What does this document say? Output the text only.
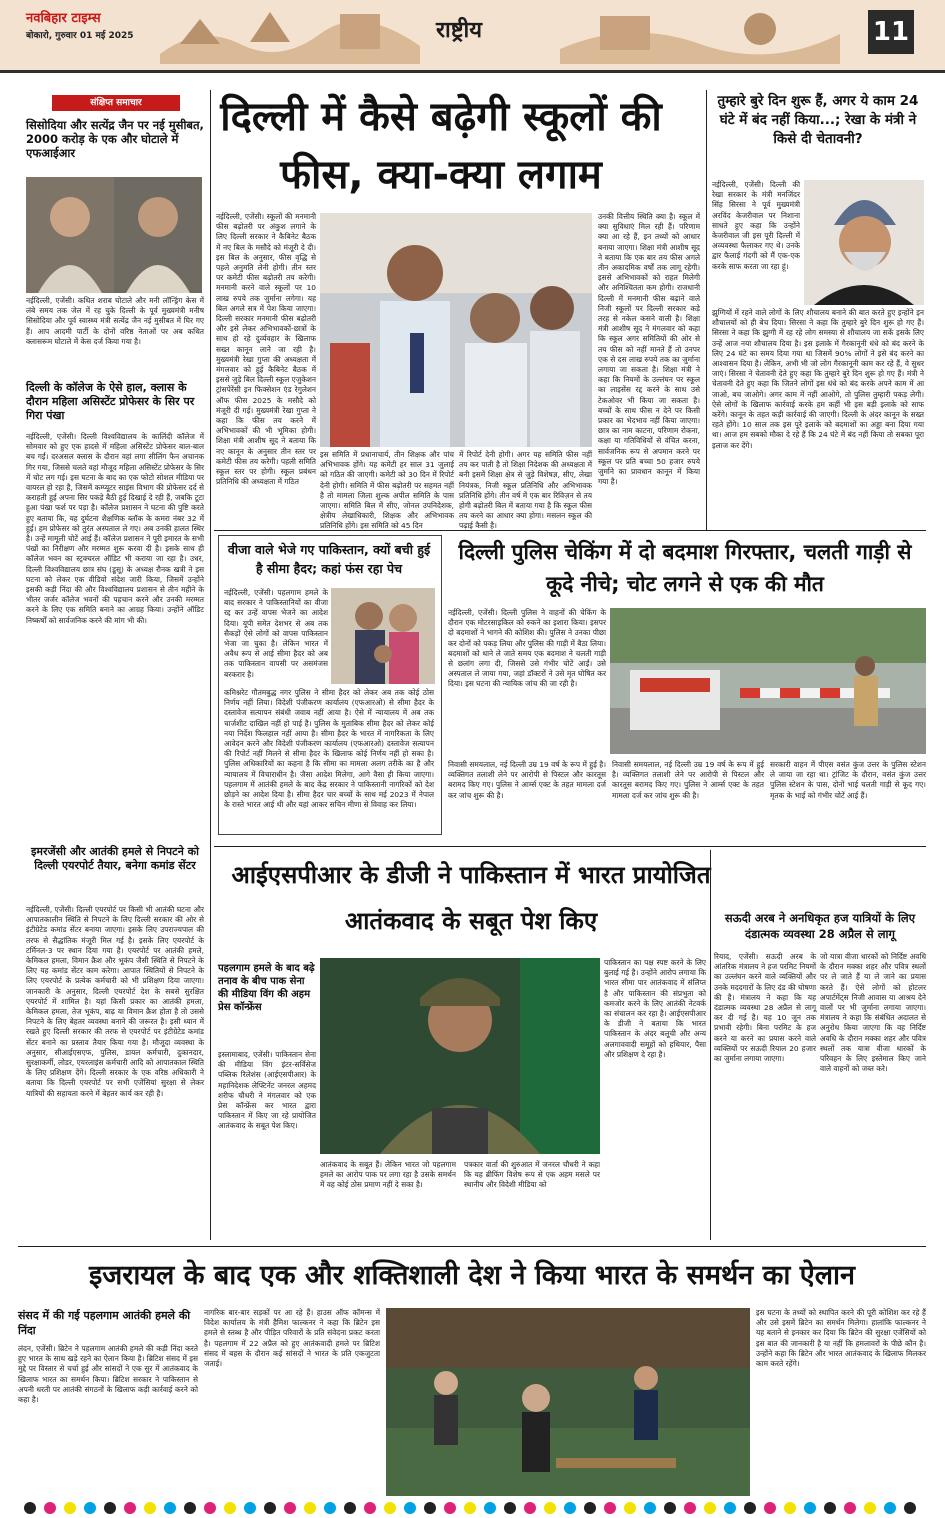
नवबिहार टाइम्स
बोकारो, गुरुवार 01 मई 2025	राष्ट्रीय	11
संक्षिप्त समाचार
सिसोदिया और सत्येंद्र जैन पर नई मुसीबत, 2000 करोड़ के एक और घोटाले में एफआईआर
नईदिल्ली, एजेंसी। कथित शराब घोटाले और मनी लॉन्ड्रिंग केस में लंबे समय तक जेल में रह चुके दिल्ली के पूर्व मुख्यमंत्री मनीष सिसोदिया और पूर्व स्वास्थ्य मंत्री सत्येंद्र जैन नई मुसीबत में घिर गए हैं। आप आदमी पार्टी के दोनों वरिष्ठ नेताओं पर अब कथित क्लासरूम घोटाले में केस दर्ज किया गया है।
दिल्ली के कॉलेज के ऐसे हाल, क्लास के दौरान महिला असिस्टेंट प्रोफेसर के सिर पर गिरा पंखा
नईदिल्ली, एजेंसी। दिल्ली विश्वविद्यालय के कालिंदी कॉलेज में सोमवार को हुए एक हादसे में महिला असिस्टेंट प्रोफेसर बाल-बाल बच गईं। दरअसल क्लास के दौरान वहां लगा सीलिंग फैन अचानक गिर गया, जिससे चलते वहां मौजूद महिला असिस्टेंट प्रोफेसर के सिर में चोट लग गई। इस घटना के बाद का एक फोटो सोशल मीडिया पर वायरल हो रहा है, जिसमें कम्प्यूटर साइंस विभाग की प्रोफेसर दर्द से कराहती हुई अपना सिर पकड़े बैठी हुई दिखाई दे रही हैं, जबकि टूटा हुआ पंखा फर्श पर पड़ा है। कॉलेज प्रशासन ने घटना की पुष्टि करते हुए बताया कि, यह दुर्घटना शैक्षणिक ब्लॉक के कमरा नंबर 32 में हुई। हम प्रोफेसर को तुरंत अस्पताल ले गए। अब उनकी हालत स्थिर है। उन्हें मामूली चोटें आई हैं। कॉलेज प्रशासन ने पूरी इमारत के सभी पंखों का निरीक्षण और मरम्मत शुरू करवा दी है। इसके साथ ही कॉलेज भवन का स्ट्रक्चरल ऑडिट भी कराया जा रहा है। उधर, दिल्ली विश्वविद्यालय छात्र संघ (डूसू) के अध्यक्ष रौनक खत्री ने इस घटना को लेकर एक वीडियो संदेश जारी किया, जिसमें उन्होंने इसकी कड़ी निंदा की और विश्वविद्यालय प्रशासन से तीन महीने के भीतर जर्जर कॉलेज भवनों की पहचान करने और उनकी मरम्मत करने के लिए एक समिति बनाने का आग्रह किया। उन्होंने ऑडिट निष्कर्षों को सार्वजनिक करने की मांग भी की।
इमरजेंसी और आतंकी हमले से निपटने को दिल्ली एयरपोर्ट तैयार, बनेगा कमांड सेंटर
नईदिल्ली, एजेंसी। दिल्ली एयरपोर्ट पर किसी भी आतंकी घटना और आपातकालीन स्थिति से निपटने के लिए दिल्ली सरकार की ओर से इंटीग्रेटेड कमांड सेंटर बनाया जाएगा। इसके लिए उपराज्यपाल की तरफ से सैद्धांतिक मंजूरी मिल गई है। इसके लिए एयरपोर्ट के टर्मिनल-3 पर स्थान दिया गया है। एयरपोर्ट पर आतंकी हमले, केमिकल हमला, विमान क्रैश और भूकंप जैसी स्थिति से निपटने के लिए यह कमांड सेंटर काम करेगा। आपात स्थितियों से निपटने के लिए एयरपोर्ट के प्रत्येक कर्मचारी को भी प्रशिक्षण दिया जाएगा। जानकारी के अनुसार, दिल्ली एयरपोर्ट देश के सबसे सुरक्षित एयरपोर्ट में शामिल है। यहां किसी प्रकार का आतंकी हमला, केमिकल हमला, तेज भूकंप, बाढ़ या विमान क्रैश होता है तो उससे निपटने के लिए बेहतर व्यवस्था बनाने की जरूरत है। इसी ध्यान में रखते हुए दिल्ली सरकार की तरफ से एयरपोर्ट पर इंटीग्रेटेड कमांड सेंटर बनाने का प्रस्ताव तैयार किया गया है। मौजूदा व्यवस्था के अनुसार, सीआईएसएफ, पुलिस, डायल कर्मचारी, दुकानदार, सुरक्षाकर्मी, लोडर, एयरलाइंस कर्मचारी आदि को आपातकाल स्थिति के लिए प्रशिक्षण देंगे। दिल्ली सरकार के एक वरिष्ठ अधिकारी ने बताया कि दिल्ली एयरपोर्ट पर सभी एजेंसियां सुरक्षा से लेकर यात्रियों की सहायता करने में बेहतर कार्य कर रही है।
दिल्ली में कैसे बढ़ेगी स्कूलों की फीस, क्या-क्या लगाम
नईदिल्ली, एजेंसी। स्कूलों की मनमानी फीस बढ़ोतरी पर अंकुश लगाने के लिए दिल्ली सरकार ने कैबिनेट बैठक में नए बिल के मसौदे को मंजूरी दे दी। इस बिल के अनुसार, फीस वृद्धि से पहले अनुमति लेनी होगी। तीन स्तर पर कमेटी फीस बढ़ोतरी तय करेगी। मनमानी करने वाले स्कूलों पर 10 लाख रुपये तक जुर्माना लगेगा। यह बिल अगले सत्र में पेश किया जाएगा। दिल्ली सरकार मनमानी फीस बढ़ोतरी और इसे लेकर अभिभावकों-छात्रों के साथ हो रहे दुर्व्यवहार के खिलाफ सख्त कानून लाने जा रही है। मुख्यमंत्री रेखा गुप्ता की अध्यक्षता में मंगलवार को हुई कैबिनेट बैठक में इससे जुड़े बिल दिल्ली स्कूल एजुकेशन ट्रांसपेरेंसी इन फिक्सेशन एंड रेगुलेशन ऑफ फीस 2025 के मसौदे को मंजूरी दी गई। मुख्यमंत्री रेखा गुप्ता ने कहा कि फीस तय करने में अभिभावकों की भी भूमिका होगी। शिक्षा मंत्री आशीष सूद ने बताया कि नए कानून के अनुसार तीन स्तर पर कमेटी फीस तय करेगी। पहली समिति स्कूल स्तर पर होगी। स्कूल प्रबंधन प्रतिनिधि की अध्यक्षता में गठित
इस समिति में प्रधानाचार्य, तीन शिक्षक और पांच अभिभावक होंगे। यह कमेटी हर साल 31 जुलाई को गठित की जाएगी। कमेटी को 30 दिन में रिपोर्ट देनी होगी। समिति में फीस बढ़ोतरी पर सहमत नहीं है तो मामला जिला शुल्क अपील समिति के पास जाएगा। समिति बिल में सीए, जोनल उपनिदेशक, क्षेत्रीय लेखाधिकारी, शिक्षक और अभिभावक प्रतिनिधि होंगे। इस समिति को 45 दिन
में रिपोर्ट देनी होगी। अगर यह समिति फीस नहीं तय कर पाती है तो शिक्षा निदेशक की अध्यक्षता में बनी इसमें शिक्षा क्षेत्र से जुड़े विशेषज्ञ, सीए, लेखा नियंत्रक, निजी स्कूल प्रतिनिधि और अभिभावक प्रतिनिधि होंगे। तीन वर्ष में एक बार रिविज़न से तय होगी बढ़ोतरी बिल में बताया गया है कि स्कूल फीस तय करने का आधार क्या होगा। मसलन स्कूल की पढ़ाई कैसी है।
उनकी वित्तीय स्थिति क्या है। स्कूल में क्या सुविधाएं मिल रही हैं। परिणाम क्या आ रहे हैं, इन तथ्यों को आधार बनाया जाएगा। शिक्षा मंत्री आशीष सूद ने बताया कि एक बार तय फीस अगले तीन अकादमिक वर्षों तक लागू रहेगी। इससे अभिभावकों को राहत मिलेगी और अनिश्चितता कम होगी। राजधानी दिल्ली में मनमानी फीस बढ़ाने वाले निजी स्कूलों पर दिल्ली सरकार कड़े तरह से नकेल कसने वाली है। शिक्षा मंत्री आशीष सूद ने मंगलवार को कहा कि स्कूल अगर समितियों की ओर से तय फीस को नहीं मानते हैं तो उनपर एक से दस लाख रुपये तक का जुर्माना लगाया जा सकता है। शिक्षा मंत्री ने कहा कि नियमों के उल्लंघन पर स्कूल का लाइसेंस रद्द करने के साथ उसे टेकओवर भी किया जा सकता है। बच्चों के साथ फीस न देने पर किसी प्रकार का भेदभाव नहीं किया जाएगा। छात्र का नाम काटना, परिणाम रोकना, कक्षा या गतिविधियों से वंचित करना, सार्वजनिक रूप से अपमान करने पर स्कूल पर प्रति बच्चा 50 हजार रुपये जुर्माने का प्रावधान कानून में किया गया है।
तुम्हारे बुरे दिन शुरू हैं, अगर ये काम 24 घंटे में बंद नहीं किया...; रेखा के मंत्री ने किसे दी चेतावनी?
नईदिल्ली, एजेंसी। दिल्ली की रेखा सरकार के मंत्री मनजिंदर सिंह सिरसा ने पूर्व मुख्यमंत्री अरविंद केजरीवाल पर निशाना साधते हुए कहा कि उन्होंने केजरीवाल जी इस पूरी दिल्ली में अव्यवस्था फैलाकर गए थे। उनके द्वार फैलाई गंदगी को मैं एक-एक करके साफ करता जा रहा हूं।
झुग्गियों में रहने वाले लोगों के लिए शौचालय बनाने की बात करते हुए इन्होंने इन शौचालयों को ही बेच दिया। सिरसा ने कहा कि तुम्हारे बुरे दिन शुरू हो गए हैं। सिरसा ने कहा कि झुग्गी में रह रहे लोग समस्या से शौचालय जा सकें इसके लिए उन्हें आज नया शौचालय दिया है। इस इलाके में गैरकानूनी धंधे को बंद करने के लिए 24 घंटे का समय दिया गया था जिसमें 90% लोगों ने इसे बंद करने का आश्वासन दिया है। लेकिन, अभी भी जो लोग गैरकानूनी काम कर रहे हैं, वे सुधर जाएं। सिरसा ने चेतावनी देते हुए कहा कि तुम्हारे बुरे दिन शुरू हो गए हैं। मंत्री ने चेतावनी देते हुए कहा कि जितने लोगों इस धंधे को बंद करके अपने काम में आ जाओ, बच जाओगे। अगर काम में नहीं आओगे, तो पुलिस तुम्हारी पकड़ लेगी। ऐसे लोगों के खिलाफ कार्रवाई करके हम कहीं भी इस बड़ी इलाके को साफ करेंगे। कानून के तहत कड़ी कार्रवाई की जाएगी। दिल्ली के अंदर कानून के सख्त रहते होंगे। 10 साल तक इस पूरे इलाके को बदमाशों का अड्डा बना दिया गया था। आज हम सबको मौका दे रहे हैं कि 24 घंटे में बंद नहीं किया तो सबका पूरा इलाज कर देंगे।
वीजा वाले भेजे गए पाकिस्तान, क्यों बची हुई है सीमा हैदर; कहां फंस रहा पेच
नईदिल्ली, एजेंसी। पहलगाम हमले के बाद सरकार ने पाकिस्तानियों का वीजा रद्द कर उन्हें वापस भेजने का आदेश दिया। यूपी समेत देशभर से अब तक सैकड़ों ऐसे लोगों को वापस पाकिस्तान भेजा जा चुका है। लेकिन भारत में अवैध रूप से आई सीमा हैदर को अब तक पाकिस्तान वापसी पर असमंजस बरकरार है।
कमिश्नरेट गौतमबुद्ध नगर पुलिस ने सीमा हैदर को लेकर अब तक कोई ठोस निर्णय नहीं लिया। विदेशी पंजीकरण कार्यालय (एफआरओ) से सीमा हैदर के दस्तावेज सत्यापन संबंधी जवाब नहीं आया है। ऐसे में न्यायालय में अब तक चार्जशीट दाखिल नहीं हो पाई है। पुलिस के मुताबिक सीमा हैदर को लेकर कोई नया निर्देश फिलहाल नहीं आया है। सीमा हैदर के भारत में नागरिकता के लिए आवेदन करने और विदेशी पंजीकरण कार्यालय (एफआरओ) दस्तावेज सत्यापन की रिपोर्ट नहीं मिलने से सीमा हैदर के खिलाफ कोई निर्णय नहीं हो सका है। पुलिस अधिकारियों का कहना है कि सीमा का मामला अलग तरीके का है और न्यायालय में विचाराधीन है। जैसा आदेश मिलेगा, आगे वैसा ही किया जाएगा। पहलगाम में आतंकी हमले के बाद केंद्र सरकार ने पाकिस्तानी नागरिकों को देश छोड़ने का आदेश दिया है। सीमा हैदर चार बच्चों के साथ मई 2023 में नेपाल के रास्ते भारत आई थी और यहां आकर सचिन मीणा से विवाह कर लिया।
दिल्ली पुलिस चेकिंग में दो बदमाश गिरफ्तार, चलती गाड़ी से कूदे नीचे; चोट लगने से एक की मौत
नईदिल्ली, एजेंसी। दिल्ली पुलिस ने वाहनों की चेकिंग के दौरान एक मोटरसाइकिल को रुकने का इशारा किया। इसपर दो बदमाशों ने भागने की कोशिश की। पुलिस ने उनका पीछा कर दोनों को पकड़ लिया और पुलिस की गाड़ी में बैठा लिया। बदमाशों को थाने ले जाते समय एक बदमाश ने चलती गाड़ी से छलांग लगा दी, जिससे उसे गंभीर चोटें आईं। उसे अस्पताल ले जाया गया, जहां डॉक्टरों ने उसे मृत घोषित कर दिया। इस घटना की न्यायिक जांच की जा रही है।
निवासी समयलाल, नई दिल्ली उम्र 19 वर्ष के रूप में हुई है। व्यक्तिगत तलाशी लेने पर आरोपी से पिस्टल और कारतूस बरामद किए गए। पुलिस ने आर्म्स एक्ट के तहत मामला दर्ज कर जांच शुरू की है।
निवासी समयलाल, नई दिल्ली उम्र 19 वर्ष के रूप में हुई है। व्यक्तिगत तलाशी लेने पर आरोपी से पिस्टल और कारतूस बरामद किए गए। पुलिस ने आर्म्स एक्ट के तहत मामला दर्ज कर जांच शुरू की है।
सरकारी वाहन में पीएस वसंत कुंज उत्तर के पुलिस स्टेशन ले जाया जा रहा था। ट्रांजिट के दौरान, वसंत कुंज उत्तर पुलिस स्टेशन के पास, दोनों भाई चलती गाड़ी से कूद गए। मृतक के भाई को गंभीर चोटें आई हैं।
आईएसपीआर के डीजी ने पाकिस्तान में भारत प्रायोजित आतंकवाद के सबूत पेश किए
पहलगाम हमले के बाद बढ़े तनाव के बीच पाक सेना की मीडिया विंग की अहम प्रेस कॉन्फ्रेंस
इस्लामाबाद, एजेंसी। पाकिस्तान सेना की मीडिया विंग इंटर-सर्विसेज पब्लिक रिलेशंस (आईएसपीआर) के महानिदेशक लेफ्टिनेंट जनरल अहमद शरीफ चौधरी ने मंगलवार को एक प्रेस कॉन्फ्रेंस कर भारत द्वारा पाकिस्तान में किए जा रहे प्रायोजित आतंकवाद के सबूत पेश किए।
आतंकवाद के सबूत हैं। लेकिन भारत जो पहलगाम हमले का आरोप पाक पर लगा रहा है उसके समर्थन में वह कोई ठोस प्रमाण नहीं दे सका है।
पत्रकार वार्ता की शुरुआत में जनरल चौधरी ने कहा कि यह ब्रीफिंग विशेष रूप से एक अहम मसले पर स्थानीय और विदेशी मीडिया को
पाकिस्तान का पक्ष स्पष्ट करने के लिए बुलाई गई है। उन्होंने आरोप लगाया कि भारत सीमा पार आतंकवाद में संलिप्त है और पाकिस्तान की संप्रभुता को कमजोर करने के लिए आतंकी नेटवर्क का संचालन कर रहा है। आईएसपीआर के डीजी ने बताया कि भारत पाकिस्तान के अंदर बलूची और अन्य अलगाववादी समूहों को हथियार, पैसा और प्रशिक्षण दे रहा है।
सऊदी अरब ने अनधिकृत हज यात्रियों के लिए दंडात्मक व्यवस्था 28 अप्रैल से लागू
रियाद, एजेंसी। सऊदी अरब के आंतरिक मंत्रालय ने हज परमिट नियमों का उल्लंघन करने वाले व्यक्तियों और उनके मददगारों के लिए दंड की घोषणा की है। मंत्रालय ने कहा कि यह दंडात्मक व्यवस्था 28 अप्रैल से लागू कर दी गई है। यह 10 जून तक प्रभावी रहेगी। बिना परमिट के हज करने या करने का प्रयास करने वाले व्यक्तियों पर सऊदी रियाल 20 हजार का जुर्माना लगाया जाएगा।
जो यात्रा वीजा धारकों को निर्दिष्ट अवधि के दौरान मक्का शहर और पवित्र स्थलों पर ले जाते हैं या ले जाने का प्रयास करते हैं। ऐसे लोगों को होटलर अपार्टमेंट्स निजी आवास या आश्रय देने वालों पर भी जुर्माना लगाया जाएगा। मंत्रालय ने कहा कि संबंधित अदालत से अनुरोध किया जाएगा कि वह निर्दिष्ट अवधि के दौरान मक्का शहर और पवित्र स्थलों तक यात्रा वीजा धारकों के परिवहन के लिए इस्तेमाल किए जाने वाले वाहनों को जब्त करे।
इजरायल के बाद एक और शक्तिशाली देश ने किया भारत के समर्थन का ऐलान
संसद में की गई पहलगाम आतंकी हमले की निंदा
लंदन, एजेंसी। ब्रिटेन ने पहलगाम आतंकी हमले की कड़ी निंदा करते हुए भारत के साथ खड़े रहने का ऐलान किया है। ब्रिटिश संसद में इस मुद्दे पर विस्तार से चर्चा हुई और सांसदों ने एक सुर में आतंकवाद के खिलाफ भारत का समर्थन किया। ब्रिटिश सरकार ने पाकिस्तान से अपनी धरती पर आतंकी संगठनों के खिलाफ कड़ी कार्रवाई करने को कहा है।
नागरिक बार-बार सड़कों पर आ रहे हैं। हाउस ऑफ कॉमन्स में विदेश कार्यालय के मंत्री हैमिश फाल्कनर ने कहा कि ब्रिटेन इस हमले से स्तब्ध है और पीड़ित परिवारों के प्रति संवेदना प्रकट करता है। पहलगाम में 22 अप्रैल को हुए आतंकवादी हमले पर ब्रिटिश संसद में बहस के दौरान कई सांसदों ने भारत के प्रति एकजुटता जताई।
इस घटना के तथ्यों को स्थापित करने की पूरी कोशिश कर रहे हैं और उसे इसमें ब्रिटेन का समर्थन मिलेगा। हालांकि फाल्कनर ने यह बताने से इनकार कर दिया कि ब्रिटेन की सुरक्षा एजेंसियों को इस बात की जानकारी है या नहीं कि हमलावरों के पीछे कौन है। उन्होंने कहा कि ब्रिटेन और भारत आतंकवाद के खिलाफ मिलकर काम करते रहेंगे।
